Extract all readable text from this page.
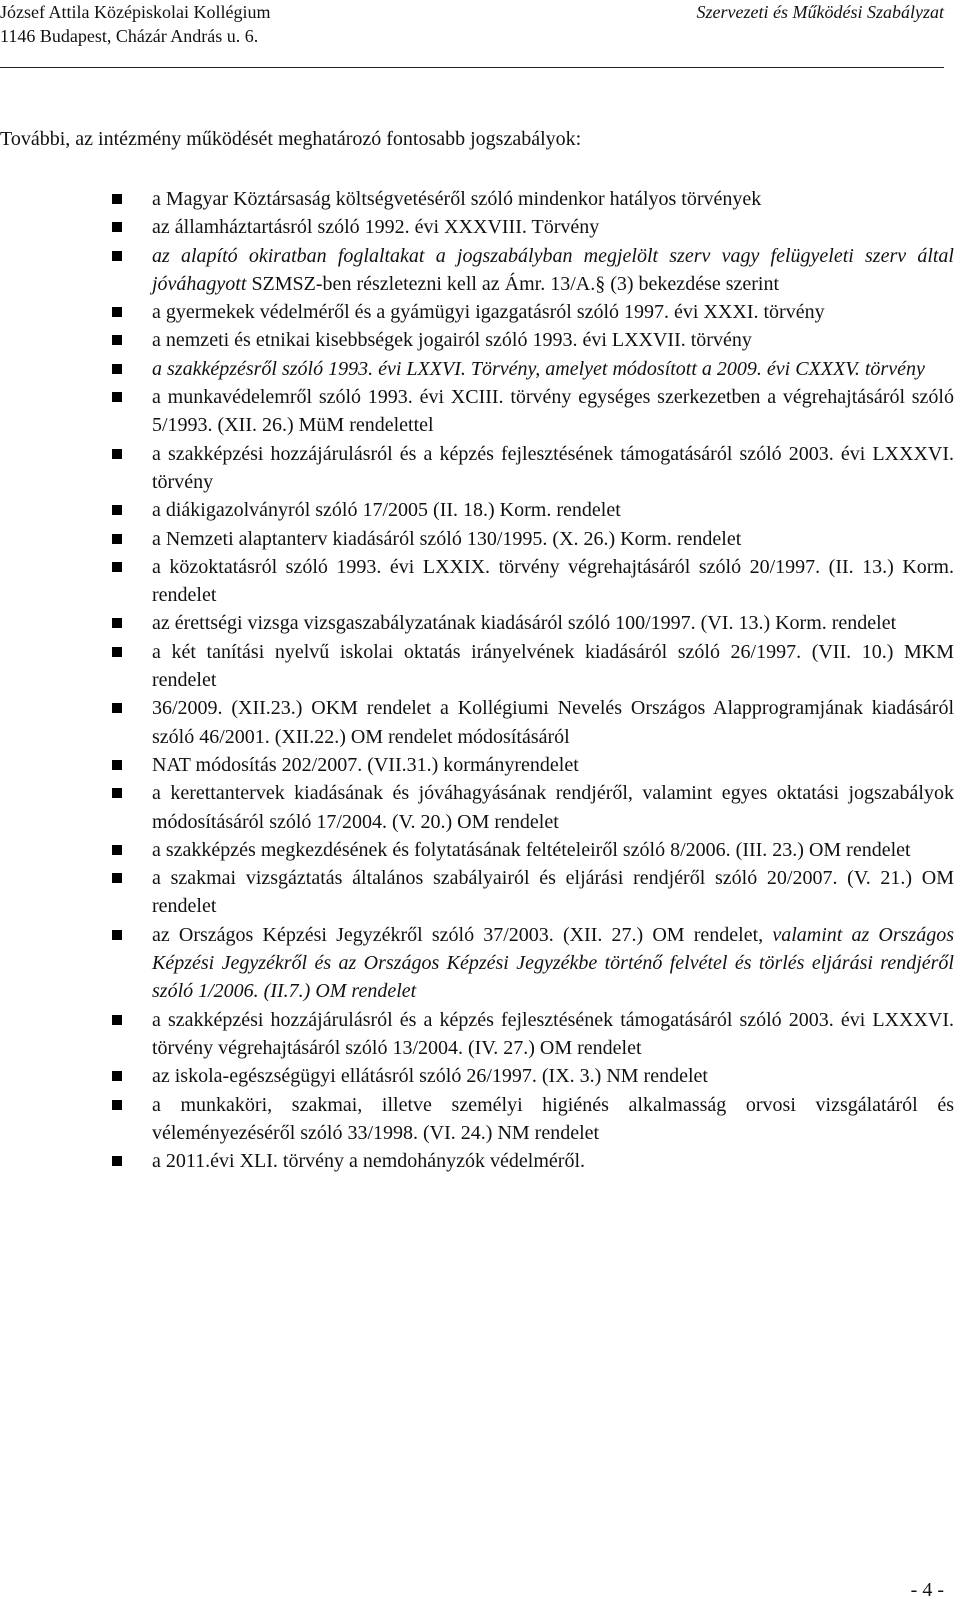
József Attila Középiskolai Kollégium
1146 Budapest, Cházár András u. 6.
Szervezeti és Működési Szabályzat
További, az intézmény működését meghatározó fontosabb jogszabályok:
a Magyar Köztársaság költségvetéséről szóló mindenkor hatályos törvények
az államháztartásról szóló 1992. évi XXXVIII. Törvény
az alapító okiratban foglaltakat a jogszabályban megjelölt szerv vagy felügyeleti szerv által jóváhagyott SZMSZ-ben részletezni kell az Ámr. 13/A.§ (3) bekezdése szerint
a gyermekek védelméről és a gyámügyi igazgatásról szóló 1997. évi XXXI. törvény
a nemzeti és etnikai kisebbségek jogairól szóló 1993. évi LXXVII. törvény
a szakképzésről szóló 1993. évi LXXVI. Törvény, amelyet módosított a 2009. évi CXXXV. törvény
a munkavédelemről szóló 1993. évi XCIII. törvény egységes szerkezetben a végrehajtásáról szóló 5/1993. (XII. 26.) MüM rendelettel
a szakképzési hozzájárulásról és a képzés fejlesztésének támogatásáról szóló 2003. évi LXXXVI. törvény
a diákigazolványról szóló 17/2005 (II. 18.) Korm. rendelet
a Nemzeti alaptanterv kiadásáról szóló 130/1995. (X. 26.) Korm. rendelet
a közoktatásról szóló 1993. évi LXXIX. törvény végrehajtásáról szóló 20/1997. (II. 13.) Korm. rendelet
az érettségi vizsga vizsgaszabályzatának kiadásáról szóló 100/1997. (VI. 13.) Korm. rendelet
a két tanítási nyelvű iskolai oktatás irányelvének kiadásáról szóló 26/1997. (VII. 10.) MKM rendelet
36/2009. (XII.23.) OKM rendelet a Kollégiumi Nevelés Országos Alapprogramjának kiadásáról szóló 46/2001. (XII.22.) OM rendelet módosításáról
NAT módosítás 202/2007. (VII.31.) kormányrendelet
a kerettantervek kiadásának és jóváhagyásának rendjéről, valamint egyes oktatási jogszabályok módosításáról szóló 17/2004. (V. 20.) OM rendelet
a szakképzés megkezdésének és folytatásának feltételeiről szóló 8/2006. (III. 23.) OM rendelet
a szakmai vizsgáztatás általános szabályairól és eljárási rendjéről szóló 20/2007. (V. 21.) OM rendelet
az Országos Képzési Jegyzékről szóló 37/2003. (XII. 27.) OM rendelet, valamint az Országos Képzési Jegyzékről és az Országos Képzési Jegyzékbe történő felvétel és törlés eljárási rendjéről szóló 1/2006. (II.7.) OM rendelet
a szakképzési hozzájárulásról és a képzés fejlesztésének támogatásáról szóló 2003. évi LXXXVI. törvény végrehajtásáról szóló 13/2004. (IV. 27.) OM rendelet
az iskola-egészségügyi ellátásról szóló 26/1997. (IX. 3.) NM rendelet
a munkaköri, szakmai, illetve személyi higiénés alkalmasság orvosi vizsgálatáról és véleményezéséről szóló 33/1998. (VI. 24.) NM rendelet
a 2011.évi XLI. törvény a nemdohányzók védelméről.
- 4 -
